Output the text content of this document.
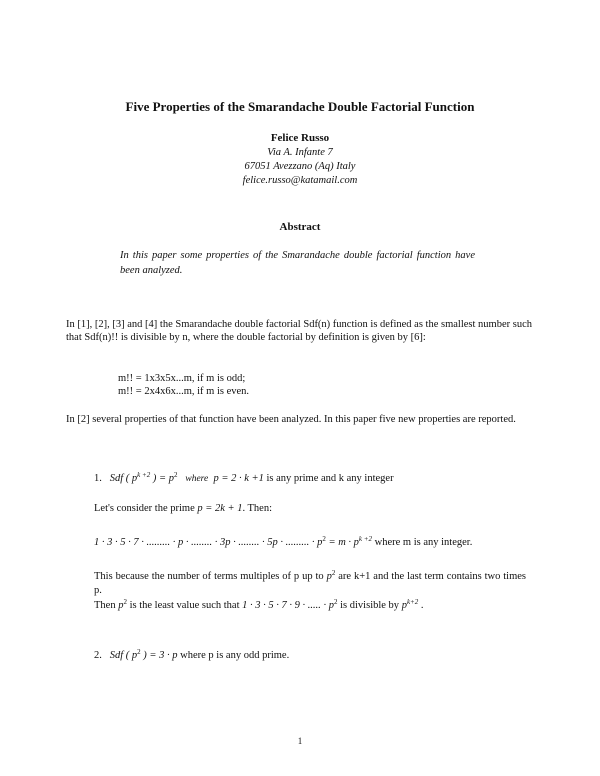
Five Properties of the Smarandache Double Factorial Function
Felice Russo
Via A. Infante 7
67051 Avezzano (Aq) Italy
felice.russo@katamail.com
Abstract
In this paper some properties of the Smarandache double factorial function have been analyzed.
In [1], [2], [3] and [4] the Smarandache double factorial Sdf(n) function is defined as the smallest number such that Sdf(n)!! is divisible by n, where the double factorial by definition is given by [6]:
m!! = 1x3x5x...m, if m is odd;
m!! = 2x4x6x...m, if m is even.
In [2] several properties of that function have been analyzed. In this paper five new properties are reported.
1. Sdf ( $p^{k +2}$ ) = $p^2$ where p = 2 · k +1 is any prime and k any integer
Let's consider the prime p = 2k + 1. Then:
1 · 3 · 5 · 7 · ......... · p · ........ · 3p · ........ · 5p · ......... · $p^2 = m \cdot p^{k +2}$ where m is any integer.
This because the number of terms multiples of p up to $p^2$ are k+1 and the last term contains two times p.
Then $p^2$ is the least value such that 1 · 3 · 5 · 7 · 9 · ..... · $p^2$ is divisible by $p^{k+2}$ .
2. Sdf ( $p^2$ ) = 3 · p where p is any odd prime.
1
